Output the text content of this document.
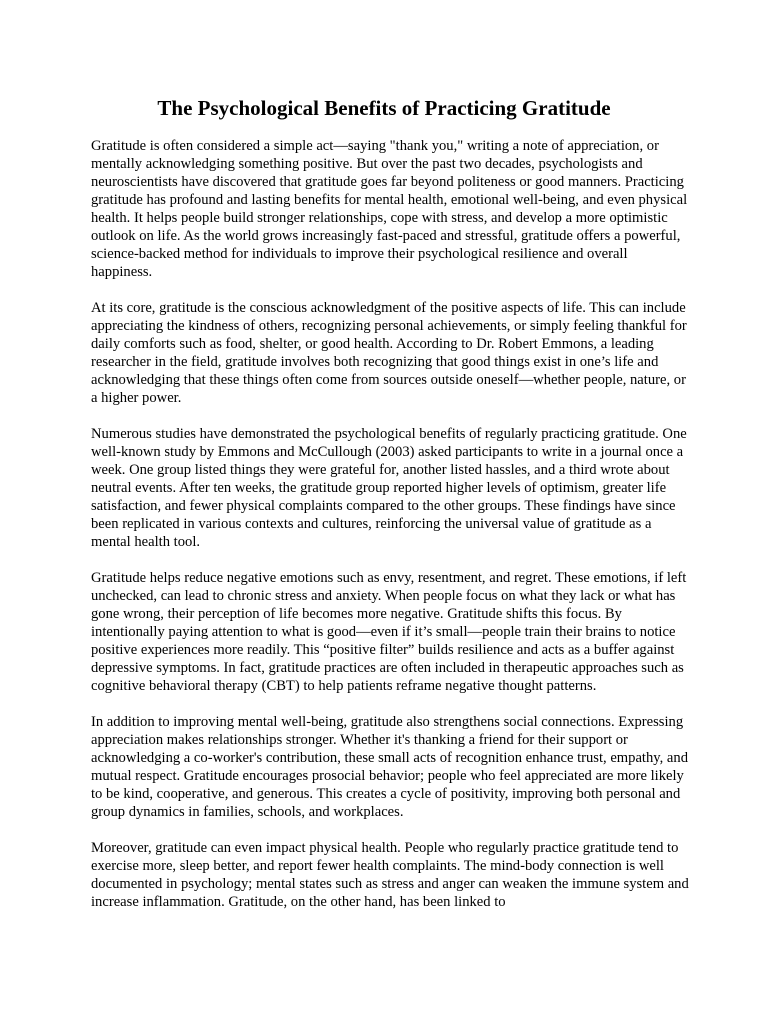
The Psychological Benefits of Practicing Gratitude

Gratitude is often considered a simple act—saying "thank you," writing a note of appreciation, or mentally acknowledging something positive. But over the past two decades, psychologists and neuroscientists have discovered that gratitude goes far beyond politeness or good manners. Practicing gratitude has profound and lasting benefits for mental health, emotional well-being, and even physical health. It helps people build stronger relationships, cope with stress, and develop a more optimistic outlook on life. As the world grows increasingly fast-paced and stressful, gratitude offers a powerful, science-backed method for individuals to improve their psychological resilience and overall happiness.

At its core, gratitude is the conscious acknowledgment of the positive aspects of life. This can include appreciating the kindness of others, recognizing personal achievements, or simply feeling thankful for daily comforts such as food, shelter, or good health. According to Dr. Robert Emmons, a leading researcher in the field, gratitude involves both recognizing that good things exist in one’s life and acknowledging that these things often come from sources outside oneself—whether people, nature, or a higher power.

Numerous studies have demonstrated the psychological benefits of regularly practicing gratitude. One well-known study by Emmons and McCullough (2003) asked participants to write in a journal once a week. One group listed things they were grateful for, another listed hassles, and a third wrote about neutral events. After ten weeks, the gratitude group reported higher levels of optimism, greater life satisfaction, and fewer physical complaints compared to the other groups. These findings have since been replicated in various contexts and cultures, reinforcing the universal value of gratitude as a mental health tool.

Gratitude helps reduce negative emotions such as envy, resentment, and regret. These emotions, if left unchecked, can lead to chronic stress and anxiety. When people focus on what they lack or what has gone wrong, their perception of life becomes more negative. Gratitude shifts this focus. By intentionally paying attention to what is good—even if it’s small—people train their brains to notice positive experiences more readily. This “positive filter” builds resilience and acts as a buffer against depressive symptoms. In fact, gratitude practices are often included in therapeutic approaches such as cognitive behavioral therapy (CBT) to help patients reframe negative thought patterns.

In addition to improving mental well-being, gratitude also strengthens social connections. Expressing appreciation makes relationships stronger. Whether it's thanking a friend for their support or acknowledging a co-worker's contribution, these small acts of recognition enhance trust, empathy, and mutual respect. Gratitude encourages prosocial behavior; people who feel appreciated are more likely to be kind, cooperative, and generous. This creates a cycle of positivity, improving both personal and group dynamics in families, schools, and workplaces.

Moreover, gratitude can even impact physical health. People who regularly practice gratitude tend to exercise more, sleep better, and report fewer health complaints. The mind-body connection is well documented in psychology; mental states such as stress and anger can weaken the immune system and increase inflammation. Gratitude, on the other hand, has been linked to
